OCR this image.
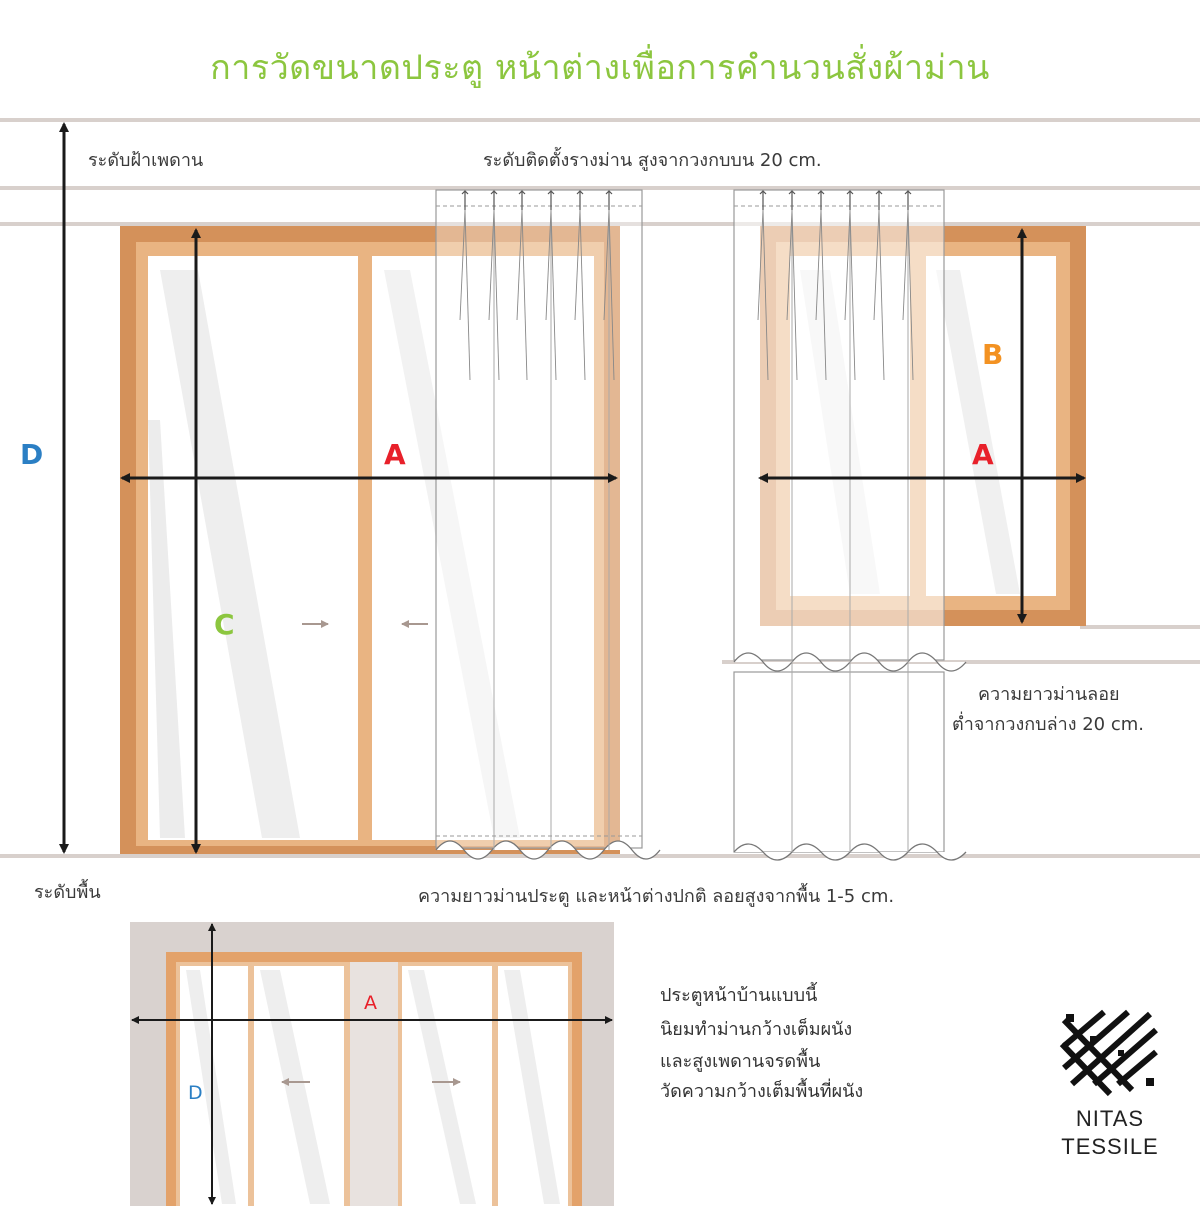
การวัดขนาดประตู หน้าต่างเพื่อการคำนวนสั่งผ้าม่าน
ระดับฝ้าเพดาน	ระดับติดตั้งรางม่าน สูงจากวงกบบน 20 cm.
ระดับพื้น	ความยาวม่านประตู และหน้าต่างปกติ ลอยสูงจากพื้น 1-5 cm.
ความยาวม่านลอย
ต่ำจากวงกบล่าง 20 cm.
A	A
B
C
D
A
D
ประตูหน้าบ้านแบบนี้
นิยมทำม่านกว้างเต็มผนัง
และสูงเพดานจรดพื้น
วัดความกว้างเต็มพื้นที่ผนัง
NITAS
TESSILE
